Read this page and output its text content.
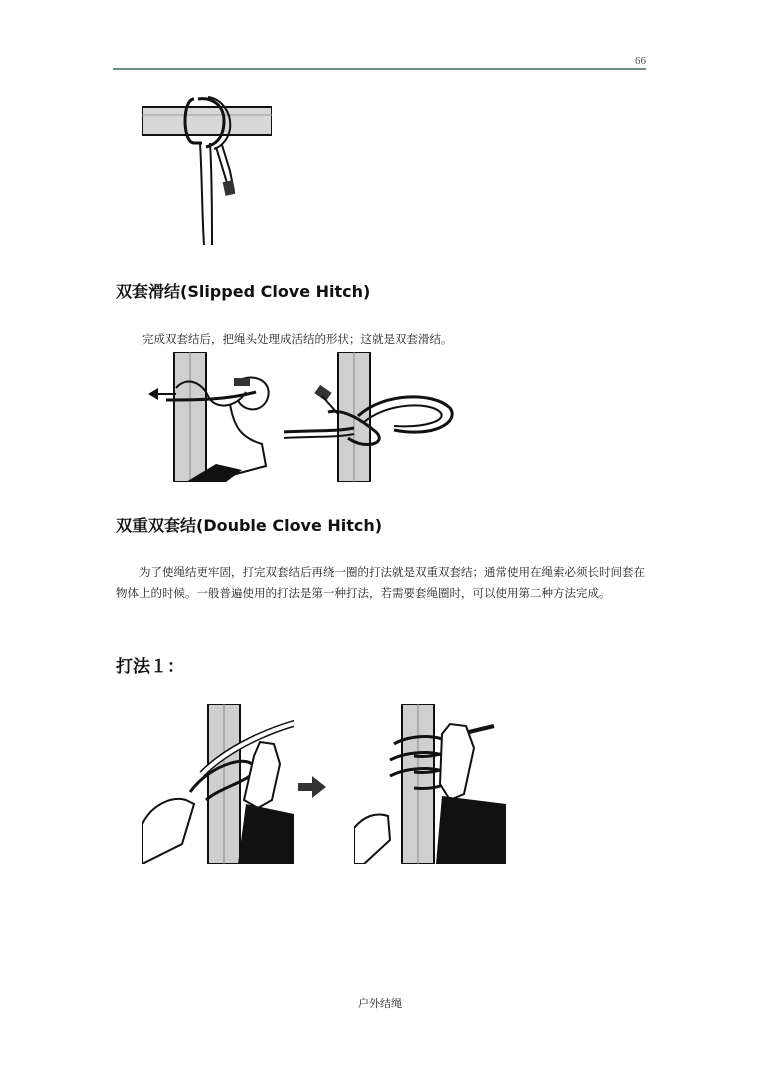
66
双套滑结(Slipped Clove Hitch)
完成双套结后，把绳头处理成活结的形状；这就是双套滑结。
双重双套结(Double Clove Hitch)
为了使绳结更牢固，打完双套结后再绕一圈的打法就是双重双套结；通常使用在绳索必须长时间套在物体上的时候。一般普遍使用的打法是第一种打法，若需要套绳圈时，可以使用第二种方法完成。
打法１：
户外结绳
